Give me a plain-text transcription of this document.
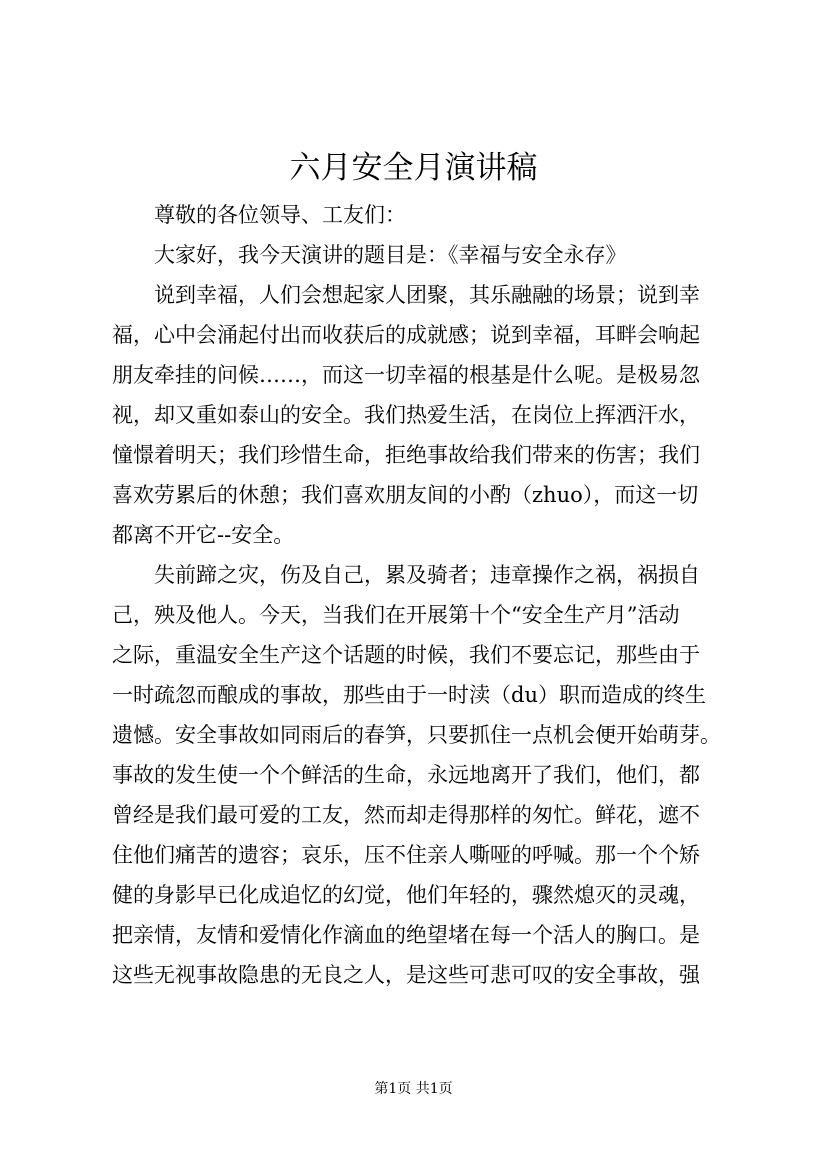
六月安全月演讲稿

尊敬的各位领导、工友们：

大家好，我今天演讲的题目是：《幸福与安全永存》

说到幸福，人们会想起家人团聚，其乐融融的场景；说到幸

福，心中会涌起付出而收获后的成就感；说到幸福，耳畔会响起

朋友牵挂的问候……，而这一切幸福的根基是什么呢。是极易忽

视，却又重如泰山的安全。我们热爱生活，在岗位上挥洒汗水，

憧憬着明天；我们珍惜生命，拒绝事故给我们带来的伤害；我们

喜欢劳累后的休憩；我们喜欢朋友间的小酌（zhuo），而这一切

都离不开它--安全。

失前蹄之灾，伤及自己，累及骑者；违章操作之祸，祸损自

己，殃及他人。今天，当我们在开展第十个“安全生产月”活动

之际，重温安全生产这个话题的时候，我们不要忘记，那些由于

一时疏忽而酿成的事故，那些由于一时渎（du）职而造成的终生

遗憾。安全事故如同雨后的春笋，只要抓住一点机会便开始萌芽。

事故的发生使一个个鲜活的生命，永远地离开了我们，他们，都

曾经是我们最可爱的工友，然而却走得那样的匆忙。鲜花，遮不

住他们痛苦的遗容；哀乐，压不住亲人嘶哑的呼喊。那一个个矫

健的身影早已化成追忆的幻觉，他们年轻的，骤然熄灭的灵魂，

把亲情，友情和爱情化作滴血的绝望堵在每一个活人的胸口。是

这些无视事故隐患的无良之人，是这些可悲可叹的安全事故，强

第1页 共1页
